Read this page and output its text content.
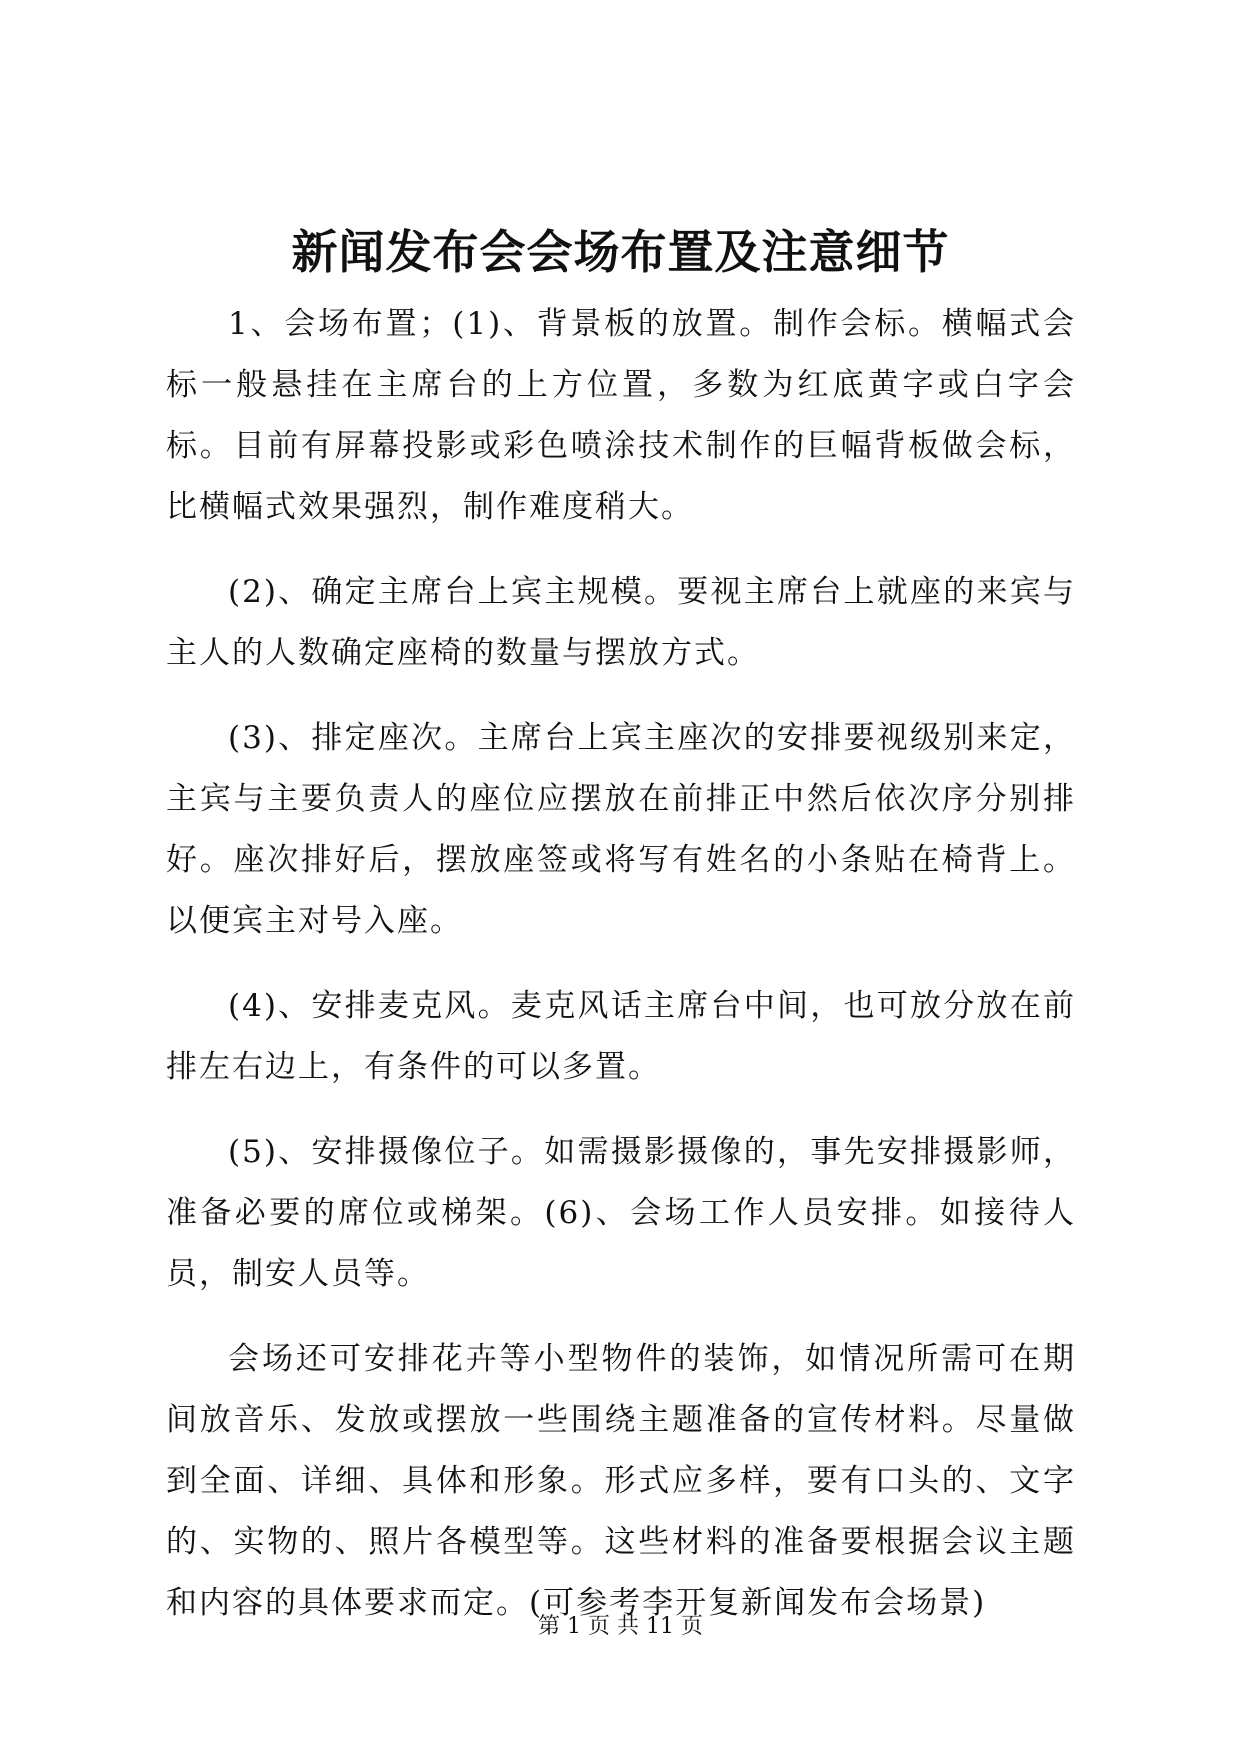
新闻发布会会场布置及注意细节

1、会场布置；(1)、背景板的放置。制作会标。横幅式会标一般悬挂在主席台的上方位置，多数为红底黄字或白字会标。目前有屏幕投影或彩色喷涂技术制作的巨幅背板做会标，比横幅式效果强烈，制作难度稍大。

(2)、确定主席台上宾主规模。要视主席台上就座的来宾与主人的人数确定座椅的数量与摆放方式。

(3)、排定座次。主席台上宾主座次的安排要视级别来定，主宾与主要负责人的座位应摆放在前排正中然后依次序分别排好。座次排好后，摆放座签或将写有姓名的小条贴在椅背上。以便宾主对号入座。

(4)、安排麦克风。麦克风话主席台中间，也可放分放在前排左右边上，有条件的可以多置。

(5)、安排摄像位子。如需摄影摄像的，事先安排摄影师，准备必要的席位或梯架。(6)、会场工作人员安排。如接待人员，制安人员等。

会场还可安排花卉等小型物件的装饰，如情况所需可在期间放音乐、发放或摆放一些围绕主题准备的宣传材料。尽量做到全面、详细、具体和形象。形式应多样，要有口头的、文字的、实物的、照片各模型等。这些材料的准备要根据会议主题和内容的具体要求而定。(可参考李开复新闻发布会场景)

第 1 页 共 11 页
